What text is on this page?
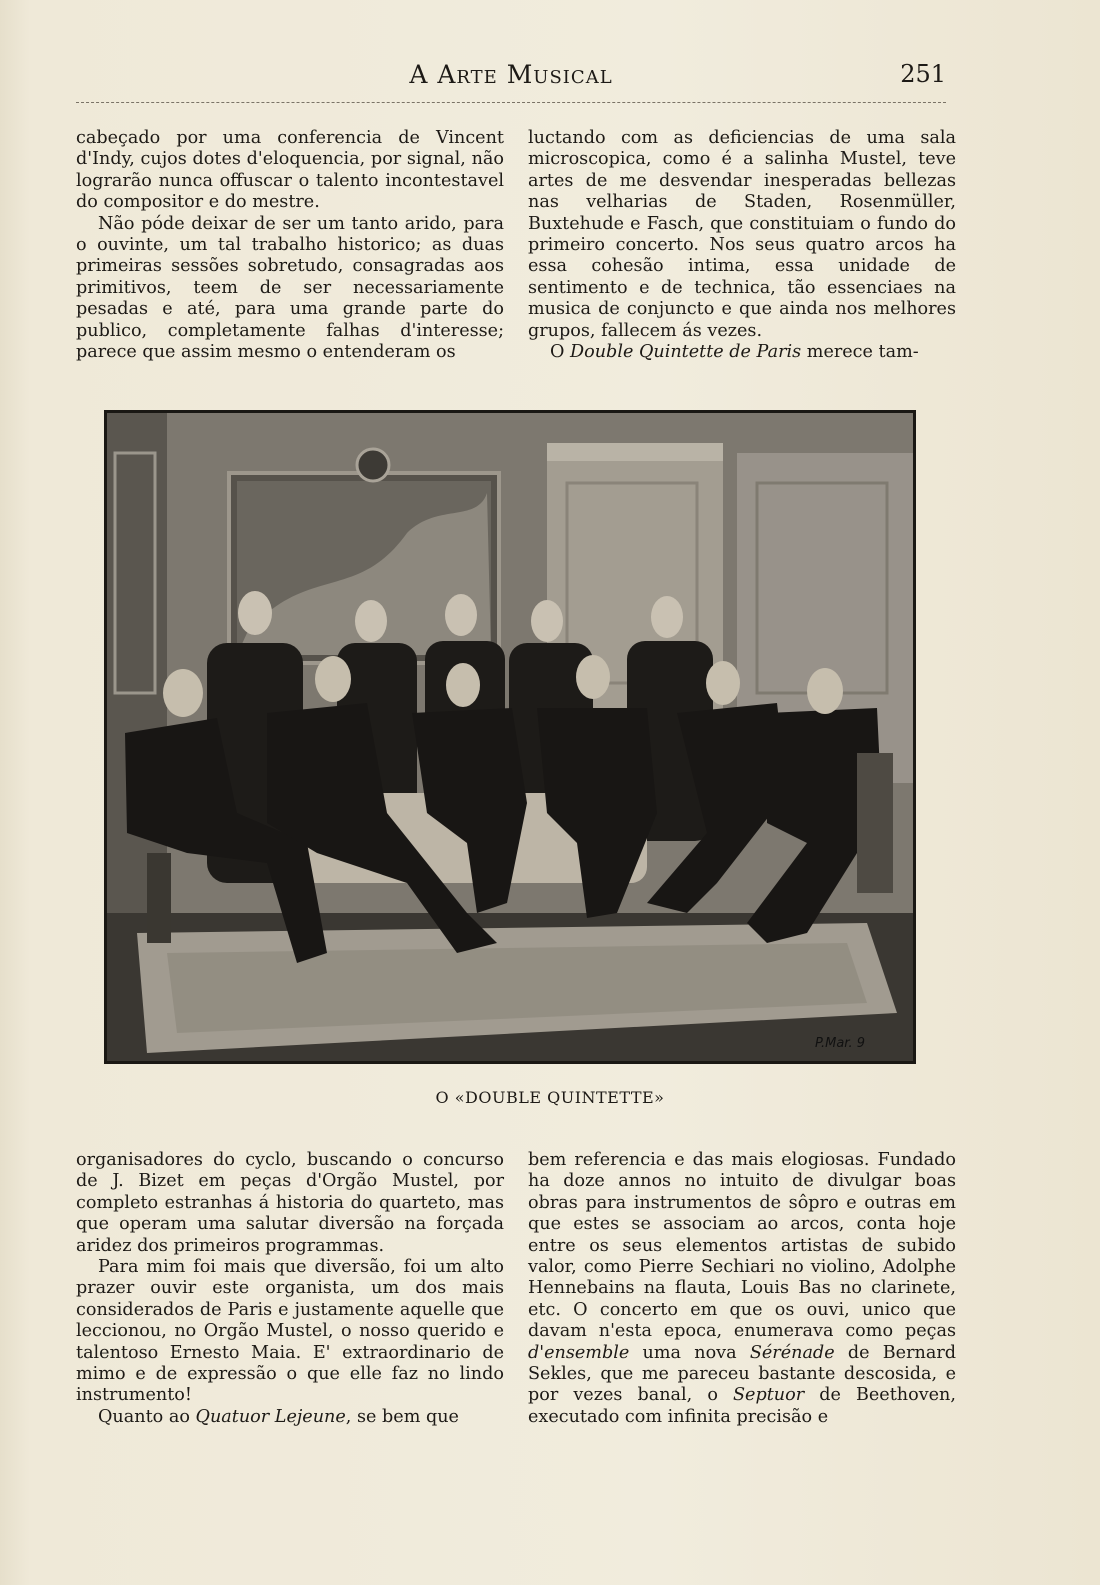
A Arte Musical	251

cabeçado por uma conferencia de Vincent d'Indy, cujos dotes d'eloquencia, por signal, não lograrão nunca offuscar o talento incontestavel do compositor e do mestre.

Não póde deixar de ser um tanto arido, para o ouvinte, um tal trabalho historico; as duas primeiras sessões sobretudo, consagradas aos primitivos, teem de ser necessariamente pesadas e até, para uma grande parte do publico, completamente falhas d'interesse; parece que assim mesmo o entenderam os

luctando com as deficiencias de uma sala microscopica, como é a salinha Mustel, teve artes de me desvendar inesperadas bellezas nas velharias de Staden, Rosenmüller, Buxtehude e Fasch, que constituiam o fundo do primeiro concerto. Nos seus quatro arcos ha essa cohesão intima, essa unidade de sentimento e de technica, tão essenciaes na musica de conjuncto e que ainda nos melhores grupos, fallecem ás vezes.

O Double Quintette de Paris merece tam-

P.Mar. 9
O «DOUBLE QUINTETTE»

organisadores do cyclo, buscando o concurso de J. Bizet em peças d'Orgão Mustel, por completo estranhas á historia do quarteto, mas que operam uma salutar diversão na forçada aridez dos primeiros programmas.

Para mim foi mais que diversão, foi um alto prazer ouvir este organista, um dos mais considerados de Paris e justamente aquelle que leccionou, no Orgão Mustel, o nosso querido e talentoso Ernesto Maia. E' extraordinario de mimo e de expressão o que elle faz no lindo instrumento!

Quanto ao Quatuor Lejeune, se bem que

bem referencia e das mais elogiosas. Fundado ha doze annos no intuito de divulgar boas obras para instrumentos de sôpro e outras em que estes se associam ao arcos, conta hoje entre os seus elementos artistas de subido valor, como Pierre Sechiari no violino, Adolphe Hennebains na flauta, Louis Bas no clarinete, etc. O concerto em que os ouvi, unico que davam n'esta epoca, enumerava como peças d'ensemble uma nova Sérénade de Bernard Sekles, que me pareceu bastante descosida, e por vezes banal, o Septuor de Beethoven, executado com infinita precisão e
